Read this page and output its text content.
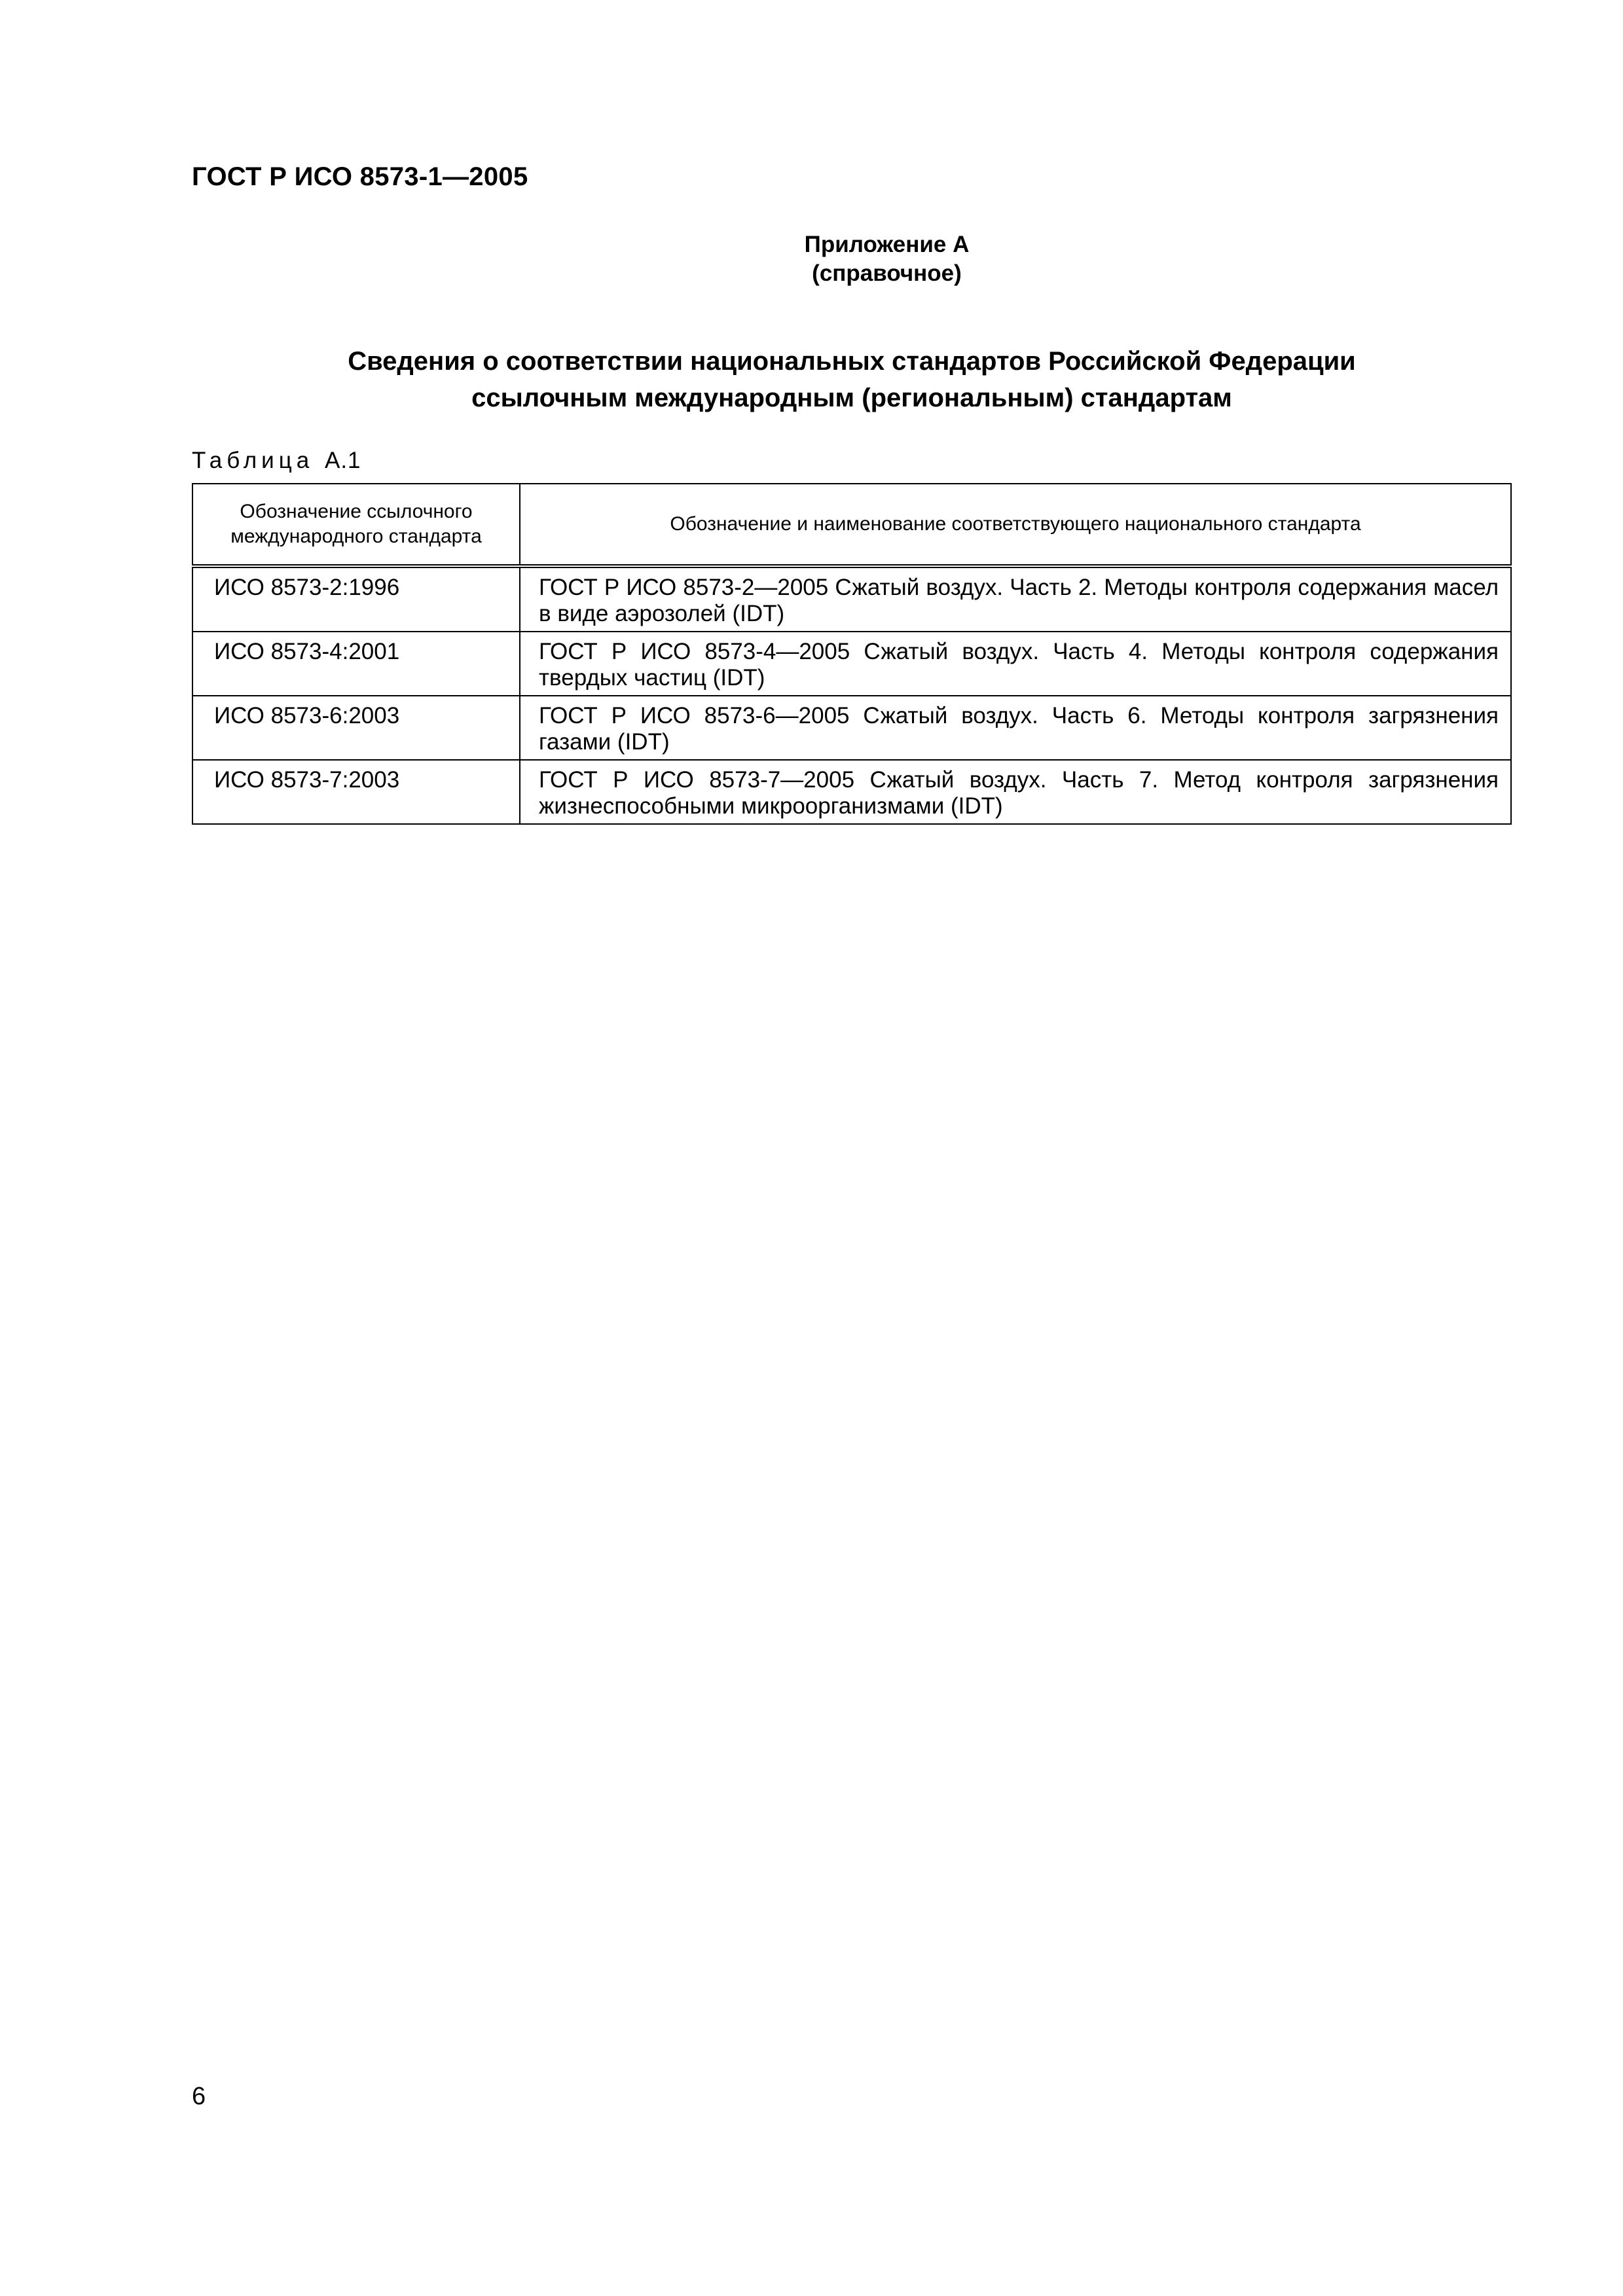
ГОСТ Р ИСО 8573-1—2005
Приложение А
(справочное)
Сведения о соответствии национальных стандартов Российской Федерации
ссылочным международным (региональным) стандартам
Таблица А.1
Обозначение ссылочного международного стандарта	Обозначение и наименование соответствующего национального стандарта
ИСО 8573-2:1996	ГОСТ Р ИСО 8573-2—2005 Сжатый воздух. Часть 2. Методы контроля содержания масел в виде аэрозолей (IDT)
ИСО 8573-4:2001	ГОСТ Р ИСО 8573-4—2005 Сжатый воздух. Часть 4. Методы контроля содержания твердых частиц (IDT)
ИСО 8573-6:2003	ГОСТ Р ИСО 8573-6—2005 Сжатый воздух. Часть 6. Методы контроля загрязнения газами (IDT)
ИСО 8573-7:2003	ГОСТ Р ИСО 8573-7—2005 Сжатый воздух. Часть 7. Метод контроля загрязнения жизнеспособными микроорганизмами (IDT)
6
